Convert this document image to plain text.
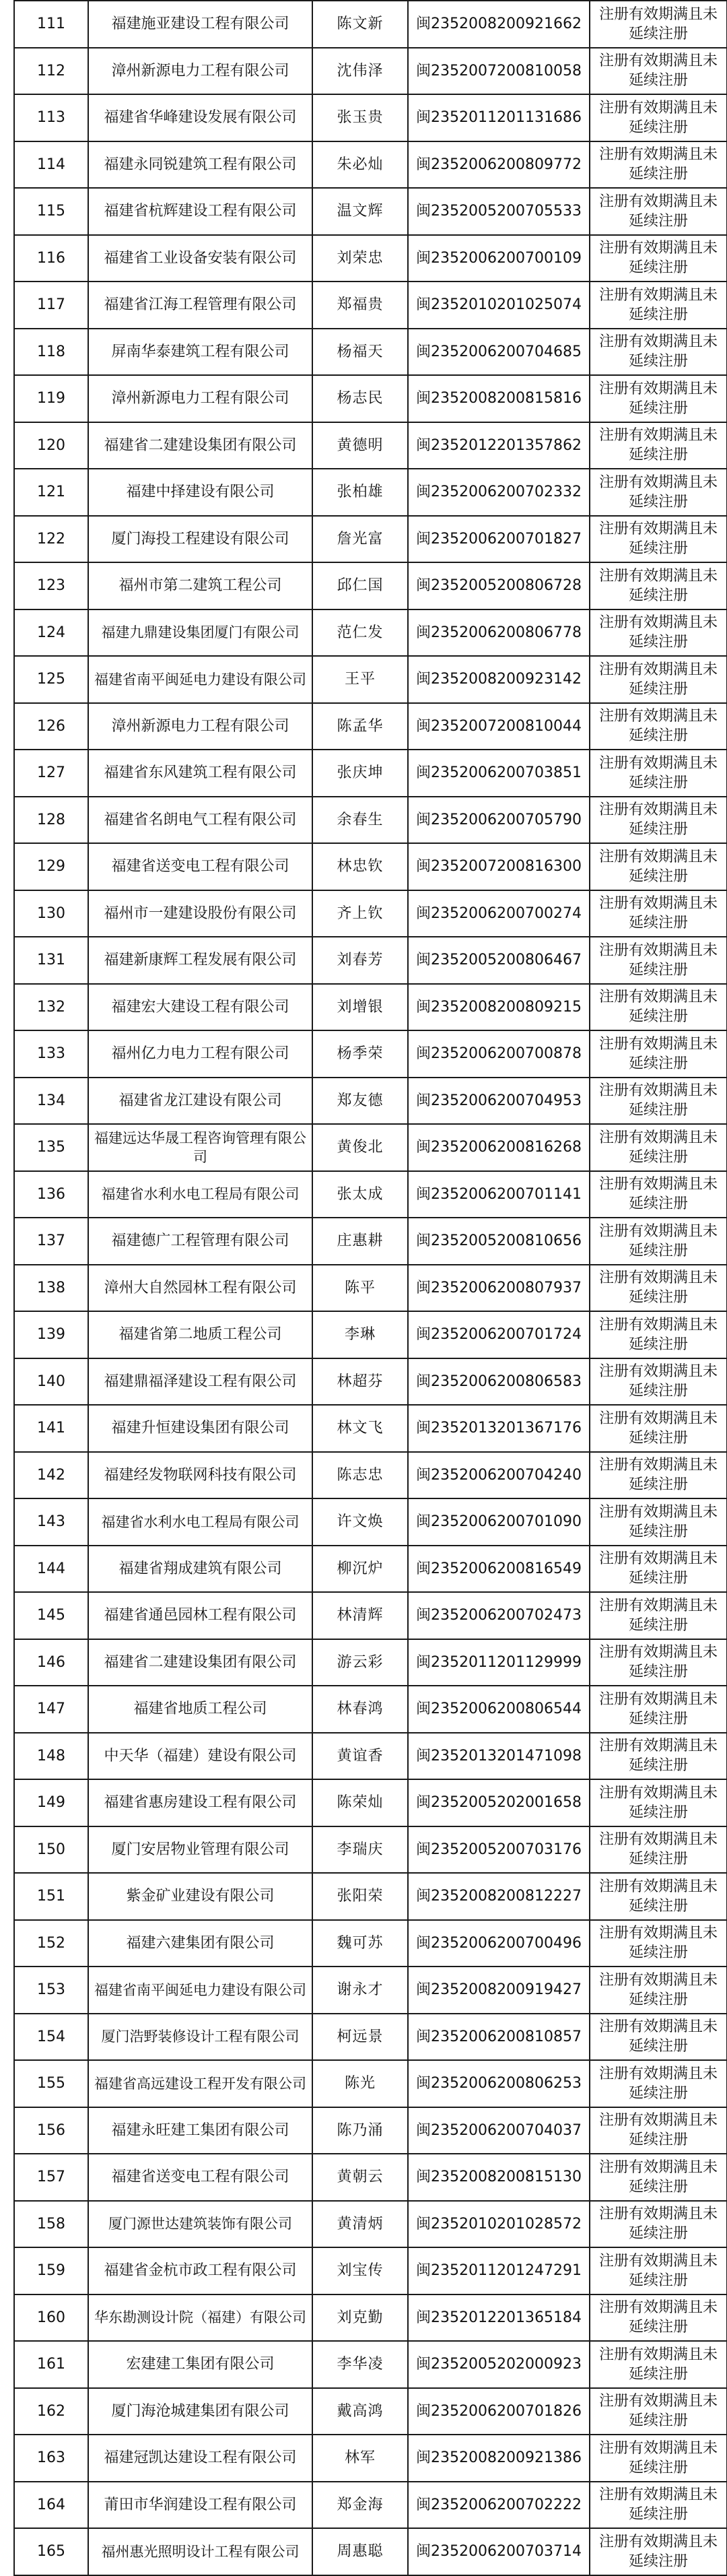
111	福建施亚建设工程有限公司	陈文新	闽2352008200921662	注册有效期满且未延续注册
112	漳州新源电力工程有限公司	沈伟泽	闽2352007200810058	注册有效期满且未延续注册
113	福建省华峰建设发展有限公司	张玉贵	闽2352011201131686	注册有效期满且未延续注册
114	福建永同锐建筑工程有限公司	朱必灿	闽2352006200809772	注册有效期满且未延续注册
115	福建省杭辉建设工程有限公司	温文辉	闽2352005200705533	注册有效期满且未延续注册
116	福建省工业设备安装有限公司	刘荣忠	闽2352006200700109	注册有效期满且未延续注册
117	福建省江海工程管理有限公司	郑福贵	闽2352010201025074	注册有效期满且未延续注册
118	屏南华泰建筑工程有限公司	杨福天	闽2352006200704685	注册有效期满且未延续注册
119	漳州新源电力工程有限公司	杨志民	闽2352008200815816	注册有效期满且未延续注册
120	福建省二建建设集团有限公司	黄德明	闽2352012201357862	注册有效期满且未延续注册
121	福建中择建设有限公司	张柏雄	闽2352006200702332	注册有效期满且未延续注册
122	厦门海投工程建设有限公司	詹光富	闽2352006200701827	注册有效期满且未延续注册
123	福州市第二建筑工程公司	邱仁国	闽2352005200806728	注册有效期满且未延续注册
124	福建九鼎建设集团厦门有限公司	范仁发	闽2352006200806778	注册有效期满且未延续注册
125	福建省南平闽延电力建设有限公司	王平	闽2352008200923142	注册有效期满且未延续注册
126	漳州新源电力工程有限公司	陈孟华	闽2352007200810044	注册有效期满且未延续注册
127	福建省东风建筑工程有限公司	张庆坤	闽2352006200703851	注册有效期满且未延续注册
128	福建省名朗电气工程有限公司	余春生	闽2352006200705790	注册有效期满且未延续注册
129	福建省送变电工程有限公司	林忠钦	闽2352007200816300	注册有效期满且未延续注册
130	福州市一建建设股份有限公司	齐上钦	闽2352006200700274	注册有效期满且未延续注册
131	福建新康辉工程发展有限公司	刘春芳	闽2352005200806467	注册有效期满且未延续注册
132	福建宏大建设工程有限公司	刘增银	闽2352008200809215	注册有效期满且未延续注册
133	福州亿力电力工程有限公司	杨季荣	闽2352006200700878	注册有效期满且未延续注册
134	福建省龙江建设有限公司	郑友德	闽2352006200704953	注册有效期满且未延续注册
135	福建远达华晟工程咨询管理有限公司	黄俊北	闽2352006200816268	注册有效期满且未延续注册
136	福建省水利水电工程局有限公司	张太成	闽2352006200701141	注册有效期满且未延续注册
137	福建德广工程管理有限公司	庄惠耕	闽2352005200810656	注册有效期满且未延续注册
138	漳州大自然园林工程有限公司	陈平	闽2352006200807937	注册有效期满且未延续注册
139	福建省第二地质工程公司	李琳	闽2352006200701724	注册有效期满且未延续注册
140	福建鼎福泽建设工程有限公司	林超芬	闽2352006200806583	注册有效期满且未延续注册
141	福建升恒建设集团有限公司	林文飞	闽2352013201367176	注册有效期满且未延续注册
142	福建经发物联网科技有限公司	陈志忠	闽2352006200704240	注册有效期满且未延续注册
143	福建省水利水电工程局有限公司	许文焕	闽2352006200701090	注册有效期满且未延续注册
144	福建省翔成建筑有限公司	柳沉炉	闽2352006200816549	注册有效期满且未延续注册
145	福建省通邑园林工程有限公司	林清辉	闽2352006200702473	注册有效期满且未延续注册
146	福建省二建建设集团有限公司	游云彩	闽2352011201129999	注册有效期满且未延续注册
147	福建省地质工程公司	林春鸿	闽2352006200806544	注册有效期满且未延续注册
148	中天华（福建）建设有限公司	黄谊香	闽2352013201471098	注册有效期满且未延续注册
149	福建省惠房建设工程有限公司	陈荣灿	闽2352005202001658	注册有效期满且未延续注册
150	厦门安居物业管理有限公司	李瑞庆	闽2352005200703176	注册有效期满且未延续注册
151	紫金矿业建设有限公司	张阳荣	闽2352008200812227	注册有效期满且未延续注册
152	福建六建集团有限公司	魏可苏	闽2352006200700496	注册有效期满且未延续注册
153	福建省南平闽延电力建设有限公司	谢永才	闽2352008200919427	注册有效期满且未延续注册
154	厦门浩野装修设计工程有限公司	柯远景	闽2352006200810857	注册有效期满且未延续注册
155	福建省高远建设工程开发有限公司	陈光	闽2352006200806253	注册有效期满且未延续注册
156	福建永旺建工集团有限公司	陈乃涌	闽2352006200704037	注册有效期满且未延续注册
157	福建省送变电工程有限公司	黄朝云	闽2352008200815130	注册有效期满且未延续注册
158	厦门源世达建筑装饰有限公司	黄清炳	闽2352010201028572	注册有效期满且未延续注册
159	福建省金杭市政工程有限公司	刘宝传	闽2352011201247291	注册有效期满且未延续注册
160	华东勘测设计院（福建）有限公司	刘克勤	闽2352012201365184	注册有效期满且未延续注册
161	宏建建工集团有限公司	李华凌	闽2352005202000923	注册有效期满且未延续注册
162	厦门海沧城建集团有限公司	戴高鸿	闽2352006200701826	注册有效期满且未延续注册
163	福建冠凯达建设工程有限公司	林军	闽2352008200921386	注册有效期满且未延续注册
164	莆田市华润建设工程有限公司	郑金海	闽2352006200702222	注册有效期满且未延续注册
165	福州惠光照明设计工程有限公司	周惠聪	闽2352006200703714	注册有效期满且未延续注册
